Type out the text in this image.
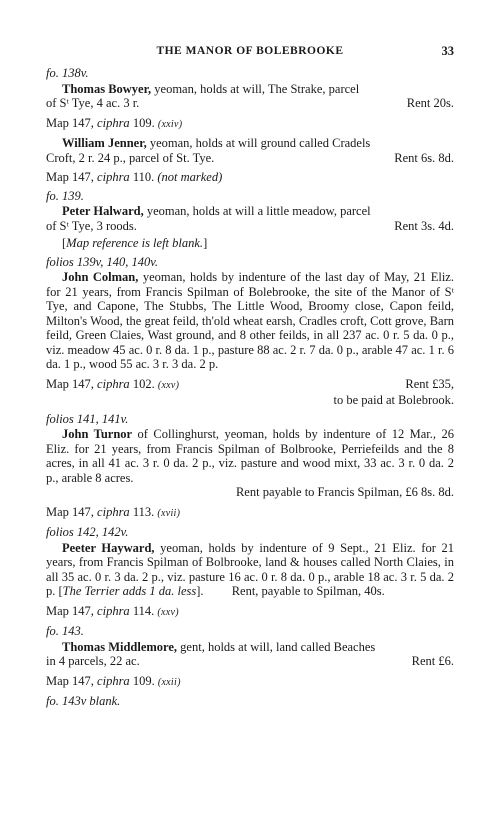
THE MANOR OF BOLEBROOKE	33

fo. 138v.

Thomas Bowyer, yeoman, holds at will, The Strake, parcel

of Sᵗ Tye, 4 ac. 3 r.	Rent 20s.
Map 147, ciphra 109. (xxiv)

William Jenner, yeoman, holds at will ground called Cradels

Croft, 2 r. 24 p., parcel of St. Tye.	Rent 6s. 8d.
Map 147, ciphra 110. (not marked)

fo. 139.

Peter Halward, yeoman, holds at will a little meadow, parcel

of Sᵗ Tye, 3 roods.	Rent 3s. 4d.
[Map reference is left blank.]

folios 139v, 140, 140v.

John Colman, yeoman, holds by indenture of the last day of May, 21 Eliz. for 21 years, from Francis Spilman of Bolebrooke, the site of the Manor of Sᵗ Tye, and Capone, The Stubbs, The Little Wood, Broomy close, Capon feild, Milton's Wood, the great feild, th'old wheat earsh, Cradles croft, Cott grove, Barn feild, Green Claies, Wast ground, and 8 other feilds, in all 237 ac. 0 r. 5 da. 0 p., viz. meadow 45 ac. 0 r. 8 da. 1 p., pasture 88 ac. 2 r. 7 da. 0 p., arable 47 ac. 1 r. 6 da. 1 p., wood 55 ac. 3 r. 3 da. 2 p.

Map 147, ciphra 102. (xxv)	Rent £35,
to be paid at Bolebrook.

folios 141, 141v.

John Turnor of Collinghurst, yeoman, holds by indenture of 12 Mar., 26 Eliz. for 21 years, from Francis Spilman of Bolbrooke, Perriefeilds and the 8 acres, in all 41 ac. 3 r. 0 da. 2 p., viz. pasture and wood mixt, 33 ac. 3 r. 0 da. 2 p., arable 8 acres.

Rent payable to Francis Spilman, £6 8s. 8d.
Map 147, ciphra 113. (xvii)

folios 142, 142v.

Peeter Hayward, yeoman, holds by indenture of 9 Sept., 21 Eliz. for 21 years, from Francis Spilman of Bolbrooke, land & houses called North Claies, in all 35 ac. 0 r. 3 da. 2 p., viz. pasture 16 ac. 0 r. 8 da. 0 p., arable 18 ac. 3 r. 5 da. 2 p. [The Terrier adds 1 da. less]. Rent, payable to Spilman, 40s.

Map 147, ciphra 114. (xxv)

fo. 143.

Thomas Middlemore, gent, holds at will, land called Beaches

in 4 parcels, 22 ac.	Rent £6.
Map 147, ciphra 109. (xxii)

fo. 143v blank.
